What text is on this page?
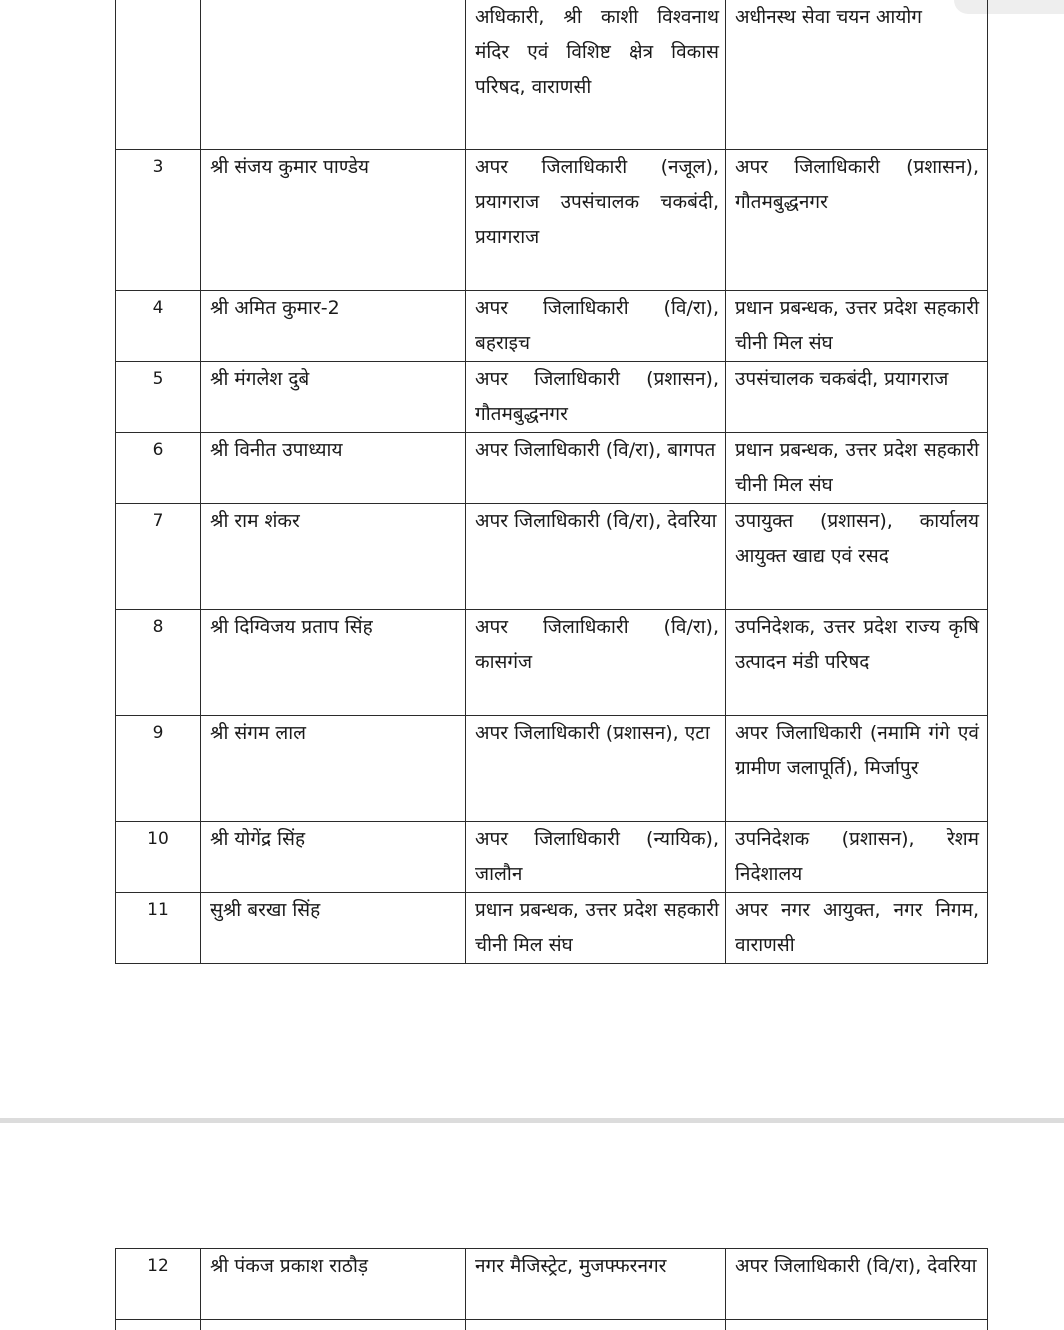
		अधिकारी, श्री काशी विश्वनाथ मंदिर एवं विशिष्ट क्षेत्र विकास परिषद, वाराणसी	अधीनस्थ सेवा चयन आयोग

3	श्री संजय कुमार पाण्डेय	अपर जिलाधिकारी (नजूल), प्रयागराज उपसंचालक चकबंदी, प्रयागराज	अपर जिलाधिकारी (प्रशासन), गौतमबुद्धनगर
4	श्री अमित कुमार-2	अपर जिलाधिकारी (वि/रा), बहराइच	प्रधान प्रबन्धक, उत्तर प्रदेश सहकारी चीनी मिल संघ
5	श्री मंगलेश दुबे	अपर जिलाधिकारी (प्रशासन), गौतमबुद्धनगर	उपसंचालक चकबंदी, प्रयागराज
6	श्री विनीत उपाध्याय	अपर जिलाधिकारी (वि/रा), बागपत	प्रधान प्रबन्धक, उत्तर प्रदेश सहकारी चीनी मिल संघ
7	श्री राम शंकर	अपर जिलाधिकारी (वि/रा), देवरिया	उपायुक्त (प्रशासन), कार्यालय आयुक्त खाद्य एवं रसद
8	श्री दिग्विजय प्रताप सिंह	अपर जिलाधिकारी (वि/रा), कासगंज	उपनिदेशक, उत्तर प्रदेश राज्य कृषि उत्पादन मंडी परिषद
9	श्री संगम लाल	अपर जिलाधिकारी (प्रशासन), एटा	अपर जिलाधिकारी (नमामि गंगे एवं ग्रामीण जलापूर्ति), मिर्जापुर
10	श्री योगेंद्र सिंह	अपर जिलाधिकारी (न्यायिक), जालौन	उपनिदेशक (प्रशासन), रेशम निदेशालय
11	सुश्री बरखा सिंह	प्रधान प्रबन्धक, उत्तर प्रदेश सहकारी चीनी मिल संघ	अपर नगर आयुक्त, नगर निगम, वाराणसी
12	श्री पंकज प्रकाश राठौड़	नगर मैजिस्ट्रेट, मुजफ्फरनगर	अपर जिलाधिकारी (वि/रा), देवरिया
